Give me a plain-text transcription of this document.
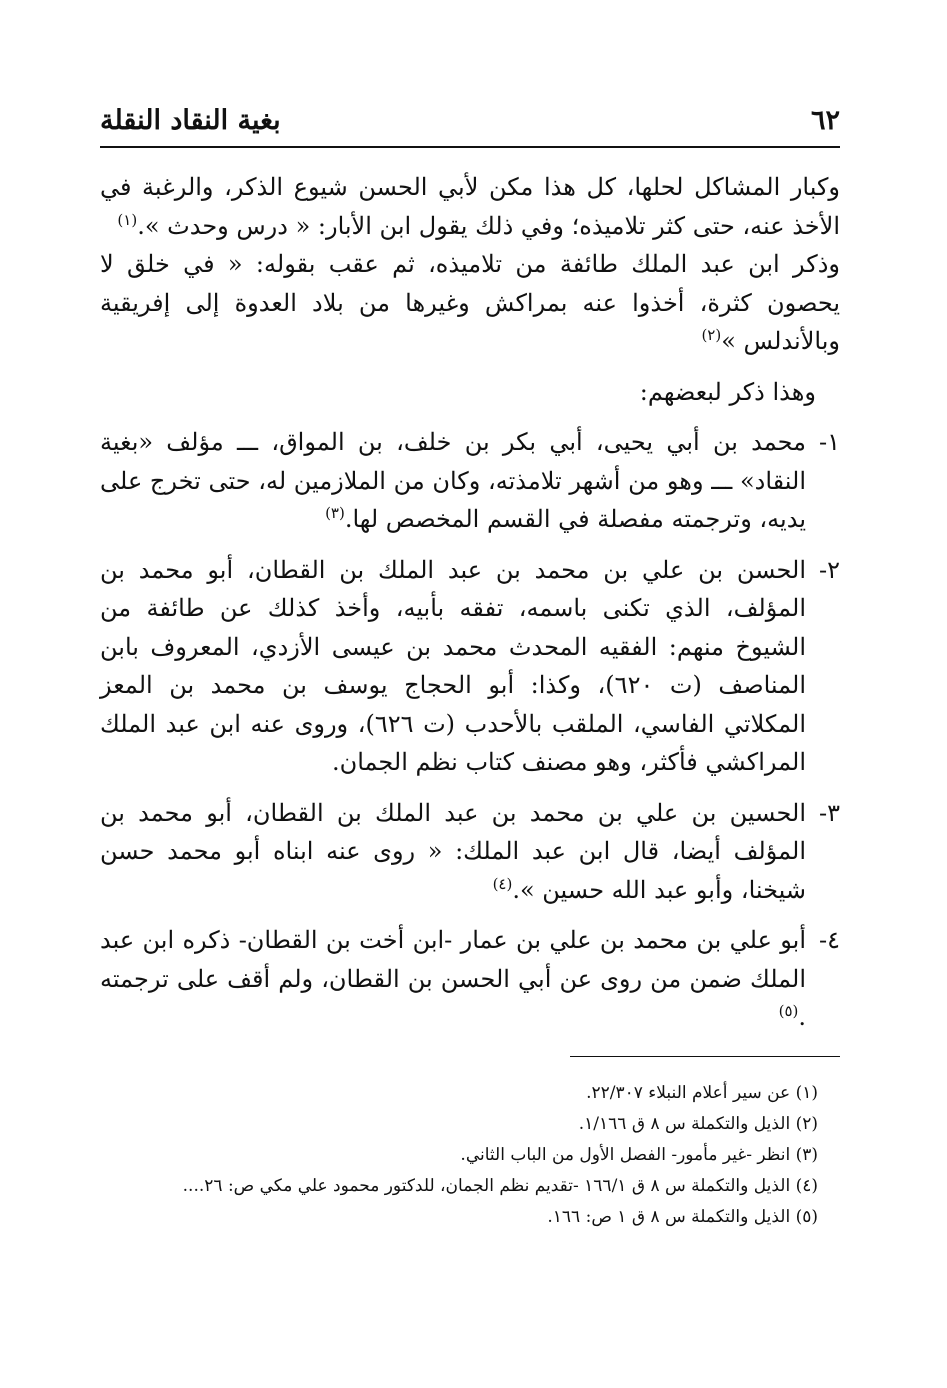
٦٢
بغية النقاد النقلة

وكبار المشاكل لحلها، كل هذا مكن لأبي الحسن شيوع الذكر، والرغبة في الأخذ عنه، حتى كثر تلاميذه؛ وفي ذلك يقول ابن الأبار: « درس وحدث ».$^{(١)}$

وذكر ابن عبد الملك طائفة من تلاميذه، ثم عقب بقوله: « في خلق لا يحصون كثرة، أخذوا عنه بمراكش وغيرها من بلاد العدوة إلى إفريقية وبالأندلس »$^{(٢)}$

وهذا ذكر لبعضهم:

١-
محمد بن أبي يحيى، أبي بكر بن خلف، بن المواق، ـــ مؤلف «بغية النقاد» ـــ وهو من أشهر تلامذته، وكان من الملازمين له، حتى تخرج على يديه، وترجمته مفصلة في القسم المخصص لها.$^{(٣)}$
٢-
الحسن بن علي بن محمد بن عبد الملك بن القطان، أبو محمد بن المؤلف، الذي تكنى باسمه، تفقه بأبيه، وأخذ كذلك عن طائفة من الشيوخ منهم: الفقيه المحدث محمد بن عيسى الأزدي، المعروف بابن المناصف (ت ٦٢٠)، وكذا: أبو الحجاج يوسف بن محمد بن المعز المكلاتي الفاسي، الملقب بالأحدب (ت ٦٢٦)، وروى عنه ابن عبد الملك المراكشي فأكثر، وهو مصنف كتاب نظم الجمان.
٣-
الحسين بن علي بن محمد بن عبد الملك بن القطان، أبو محمد بن المؤلف أيضا، قال ابن عبد الملك: « روى عنه ابناه أبو محمد حسن شيخنا، وأبو عبد الله حسين ».$^{(٤)}$
٤-
أبو علي بن محمد بن علي بن عمار -ابن أخت بن القطان- ذكره ابن عبد الملك ضمن من روى عن أبي الحسن بن القطان، ولم أقف على ترجمته .$^{(٥)}$

(١) عن سير أعلام النبلاء ٢٢/٣٠٧.

(٢) الذيل والتكملة س ٨ ق ١/١٦٦.

(٣) انظر -غير مأمور- الفصل الأول من الباب الثاني.

(٤) الذيل والتكملة س ٨ ق ١٦٦/١ -تقديم نظم الجمان، للدكتور محمود علي مكي ص: ٢٦....

(٥) الذيل والتكملة س ٨ ق ١ ص: ١٦٦.
